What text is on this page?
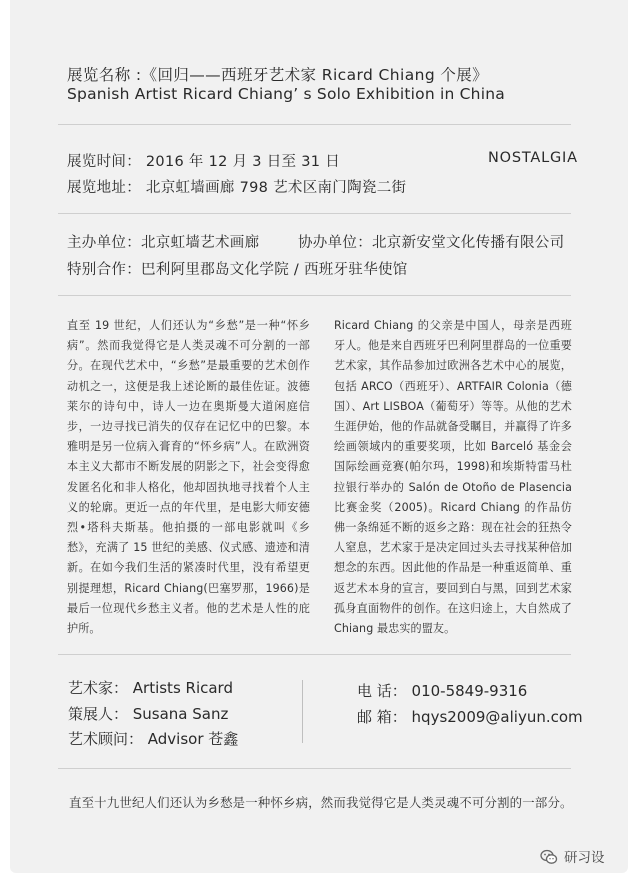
展览名称 :《回归——西班牙艺术家 Ricard Chiang 个展》
Spanish Artist Ricard Chiang’ s Solo Exhibition in China
展览时间： 2016 年 12 月 3 日至 31 日	NOSTALGIA
展览地址： 北京虹墙画廊 798 艺术区南门陶瓷二街
主办单位：北京虹墙艺术画廊	协办单位：北京新安堂文化传播有限公司
特别合作：巴利阿里郡岛文化学院 / 西班牙驻华使馆
直至 19 世纪，人们还认为“乡愁”是一种“怀乡病”。然而我觉得它是人类灵魂不可分割的一部分。在现代艺术中，“乡愁”是最重要的艺术创作动机之一，这便是我上述论断的最佳佐证。波德莱尔的诗句中，诗人一边在奥斯曼大道闲庭信步，一边寻找已消失的仅存在记忆中的巴黎。本雅明是另一位病入膏育的“怀乡病”人。在欧洲资本主义大都市不断发展的阴影之下，社会变得愈发匿名化和非人格化，他却固执地寻找着个人主义的轮廓。更近一点的年代里，是电影大师安德烈•塔科夫斯基。他拍摄的一部电影就叫《乡愁》，充满了 15 世纪的美感、仪式感、遗迹和清新。在如今我们生活的紧凑时代里，没有希望更别提理想，Ricard Chiang(巴塞罗那，1966)是最后一位现代乡愁主义者。他的艺术是人性的庇护所。
Ricard Chiang 的父亲是中国人，母亲是西班牙人。他是来自西班牙巴利阿里群岛的一位重要艺术家，其作品参加过欧洲各艺术中心的展览，包括 ARCO（西班牙）、ARTFAIR Colonia（德国）、Art LISBOA（葡萄牙）等等。从他的艺术生涯伊始，他的作品就备受瞩目，并赢得了许多绘画领域内的重要奖项，比如 Barceló 基金会国际绘画竞赛(帕尔玛，1998)和埃斯特雷马杜拉银行举办的 Salón de Otoño de Plasencia 比赛金奖（2005)。Ricard Chiang 的作品仿佛一条绵延不断的返乡之路：现在社会的狂热令人窒息，艺术家于是决定回过头去寻找某种倍加想念的东西。因此他的作品是一种重返简单、重返艺术本身的宣言，要回到白与黑，回到艺术家孤身直面物件的创作。在这归途上，大自然成了 Chiang 最忠实的盟友。
艺术家： Artists Ricard
策展人： Susana Sanz
艺术顾问： Advisor 苍鑫
电 话： 010-5849-9316
邮 箱： hqys2009@aliyun.com
直至十九世纪人们还认为乡愁是一种怀乡病，然而我觉得它是人类灵魂不可分割的一部分。
研习设
